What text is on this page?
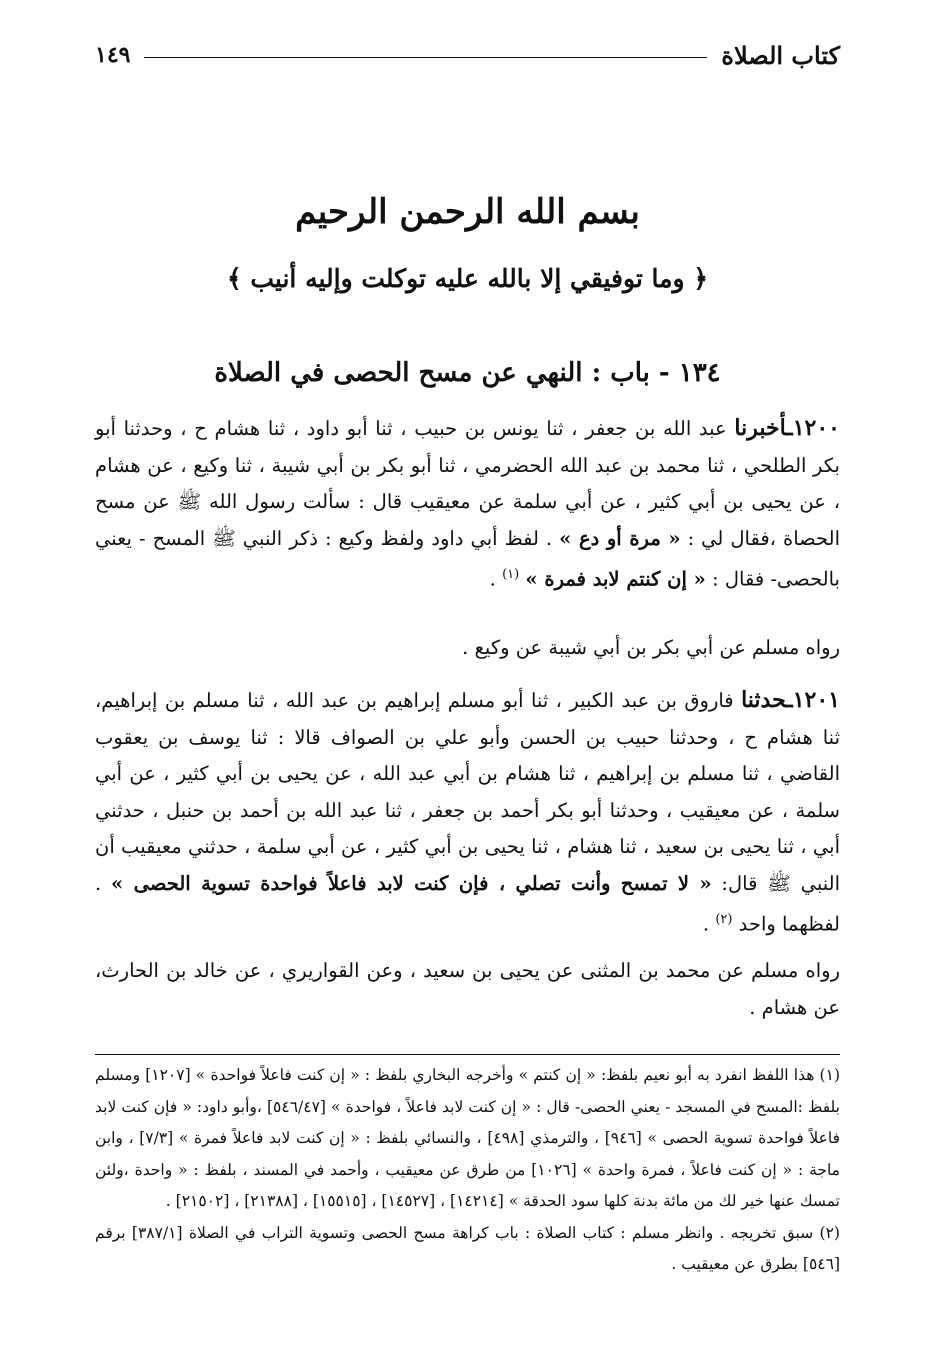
كتاب الصلاة
١٤٩
بسم الله الرحمن الرحيم
﴿ وما توفيقي إلا بالله عليه توكلت وإليه أنيب ﴾
١٣٤ - باب : النهي عن مسح الحصى في الصلاة

١٢٠٠ـأخبرنا عبد الله بن جعفر ، ثنا يونس بن حبيب ، ثنا أبو داود ، ثنا هشام ح ، وحدثنا أبو بكر الطلحي ، ثنا محمد بن عبد الله الحضرمي ، ثنا أبو بكر بن أبي شيبة ، ثنا وكيع ، عن هشام ، عن يحيى بن أبي كثير ، عن أبي سلمة عن معيقيب قال : سألت رسول الله ﷺ عن مسح الحصاة ،فقال لي : « مرة أو دع » . لفظ أبي داود ولفظ وكيع : ذكر النبي ﷺ المسح - يعني بالحصى- فقال : « إن كنتم لابد فمرة » $^{(١)}$ .

رواه مسلم عن أبي بكر بن أبي شيبة عن وكيع .

١٢٠١ـحدثنا فاروق بن عبد الكبير ، ثنا أبو مسلم إبراهيم بن عبد الله ، ثنا مسلم بن إبراهيم، ثنا هشام ح ، وحدثنا حبيب بن الحسن وأبو علي بن الصواف قالا : ثنا يوسف بن يعقوب القاضي ، ثنا مسلم بن إبراهيم ، ثنا هشام بن أبي عبد الله ، عن يحيى بن أبي كثير ، عن أبي سلمة ، عن معيقيب ، وحدثنا أبو بكر أحمد بن جعفر ، ثنا عبد الله بن أحمد بن حنبل ، حدثني أبي ، ثنا يحيى بن سعيد ، ثنا هشام ، ثنا يحيى بن أبي كثير ، عن أبي سلمة ، حدثني معيقيب أن النبي ﷺ قال: « لا تمسح وأنت تصلي ، فإن كنت لابد فاعلاً فواحدة تسوية الحصى » . لفظهما واحد $^{(٢)}$ .

رواه مسلم عن محمد بن المثنى عن يحيى بن سعيد ، وعن القواريري ، عن خالد بن الحارث، عن هشام .

(١) هذا اللفظ انفرد به أبو نعيم بلفظ: « إن كنتم » وأخرجه البخاري بلفظ : « إن كنت فاعلاً فواحدة » [١٢٠٧] ومسلم بلفظ :المسح في المسجد - يعني الحصى- قال : « إن كنت لابد فاعلاً ، فواحدة » [٥٤٦/٤٧] ،وأبو داود: « فإن كنت لابد فاعلاً فواحدة تسوية الحصى » [٩٤٦] ، والترمذي [٤٩٨] ، والنسائي بلفظ : « إن كنت لابد فاعلاً فمرة » [٧/٣] ، وابن ماجة : « إن كنت فاعلاً ، فمرة واحدة » [١٠٢٦] من طرق عن معيقيب ، وأحمد في المسند ، بلفظ : « واحدة ،ولئن تمسك عنها خير لك من مائة بدنة كلها سود الحدقة » [١٤٢١٤] ، [١٤٥٢٧] ، [١٥٥١٥] ، [٢١٣٨٨] ، [٢١٥٠٢] .

(٢) سبق تخريجه . وانظر مسلم : كتاب الصلاة : باب كراهة مسح الحصى وتسوية التراب في الصلاة [٣٨٧/١] برقم [٥٤٦] بطرق عن معيقيب .
